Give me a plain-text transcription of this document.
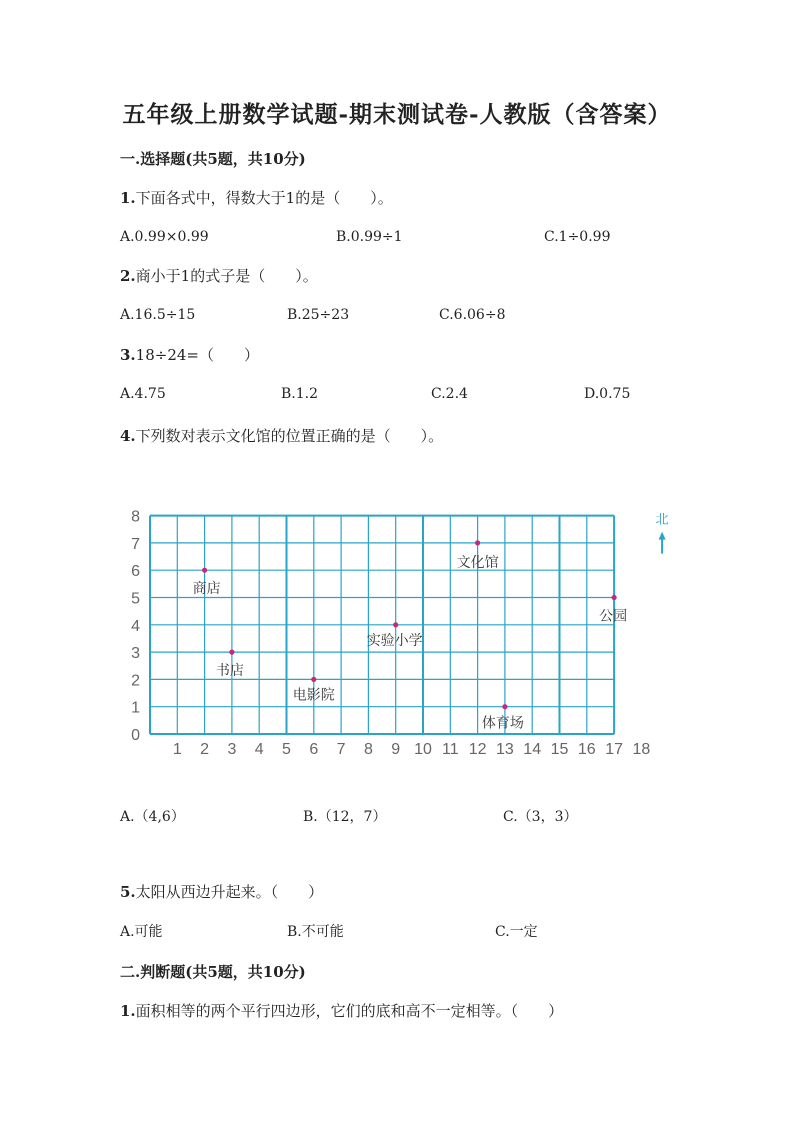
五年级上册数学试题-期末测试卷-人教版（含答案）
一.选择题(共5题，共10分)
1.下面各式中，得数大于1的是（　　）。
A.0.99×0.99	B.0.99÷1	C.1÷0.99
2.商小于1的式子是（　　）。
A.16.5÷15	B.25÷23	C.6.06÷8
3.18÷24=（　　）
A.4.75	B.1.2	C.2.4	D.0.75
4.下列数对表示文化馆的位置正确的是（　　）。
0
1
2
3
4
5
6
7
8
1 2 3 4 5 6 7 8 9 10 11 12 13 14 15 16 17 18
商店
书店
电影院
实验小学
文化馆
体育场
公园
北
A.（4,6）	B.（12，7）	C.（3，3）
5.太阳从西边升起来。（　　）
A.可能	B.不可能	C.一定
二.判断题(共5题，共10分)
1.面积相等的两个平行四边形，它们的底和高不一定相等。（　　）
